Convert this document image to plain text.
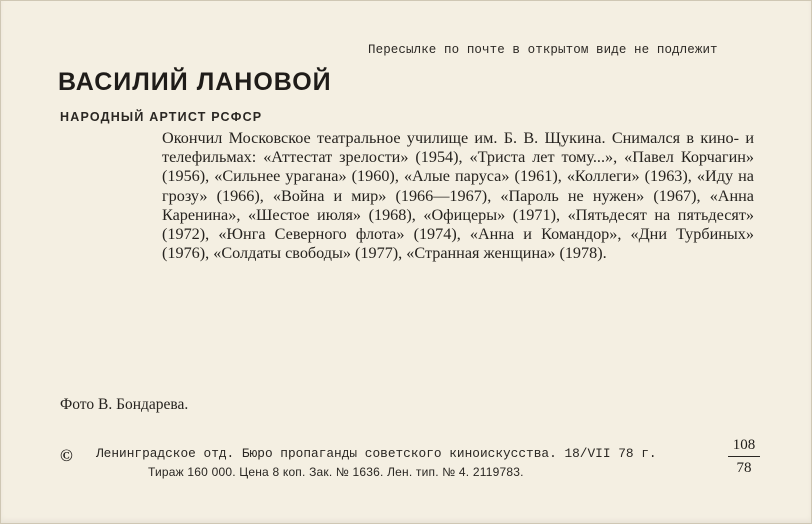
Пересылке по почте в открытом виде не подлежит
ВАСИЛИЙ ЛАНОВОЙ
НАРОДНЫЙ АРТИСТ РСФСР
Окончил Московское театральное училище им. Б. В. Щукина. Снимался в кино- и телефильмах: «Аттестат зрелости» (1954), «Триста лет тому...», «Павел Корчагин» (1956), «Сильнее урагана» (1960), «Алые паруса» (1961), «Коллеги» (1963), «Иду на грозу» (1966), «Война и мир» (1966—1967), «Пароль не нужен» (1967), «Анна Каренина», «Шестое июля» (1968), «Офицеры» (1971), «Пятьдесят на пятьдесят» (1972), «Юнга Северного флота» (1974), «Анна и Командор», «Дни Турбиных» (1976), «Солдаты свободы» (1977), «Странная женщина» (1978).
Фото В. Бондарева.
© Ленинградское отд. Бюро пропаганды советского киноискусства. 18/VII 78 г.
Тираж 160 000. Цена 8 коп. Зак. № 1636. Лен. тип. № 4. 2119783.
108
78
